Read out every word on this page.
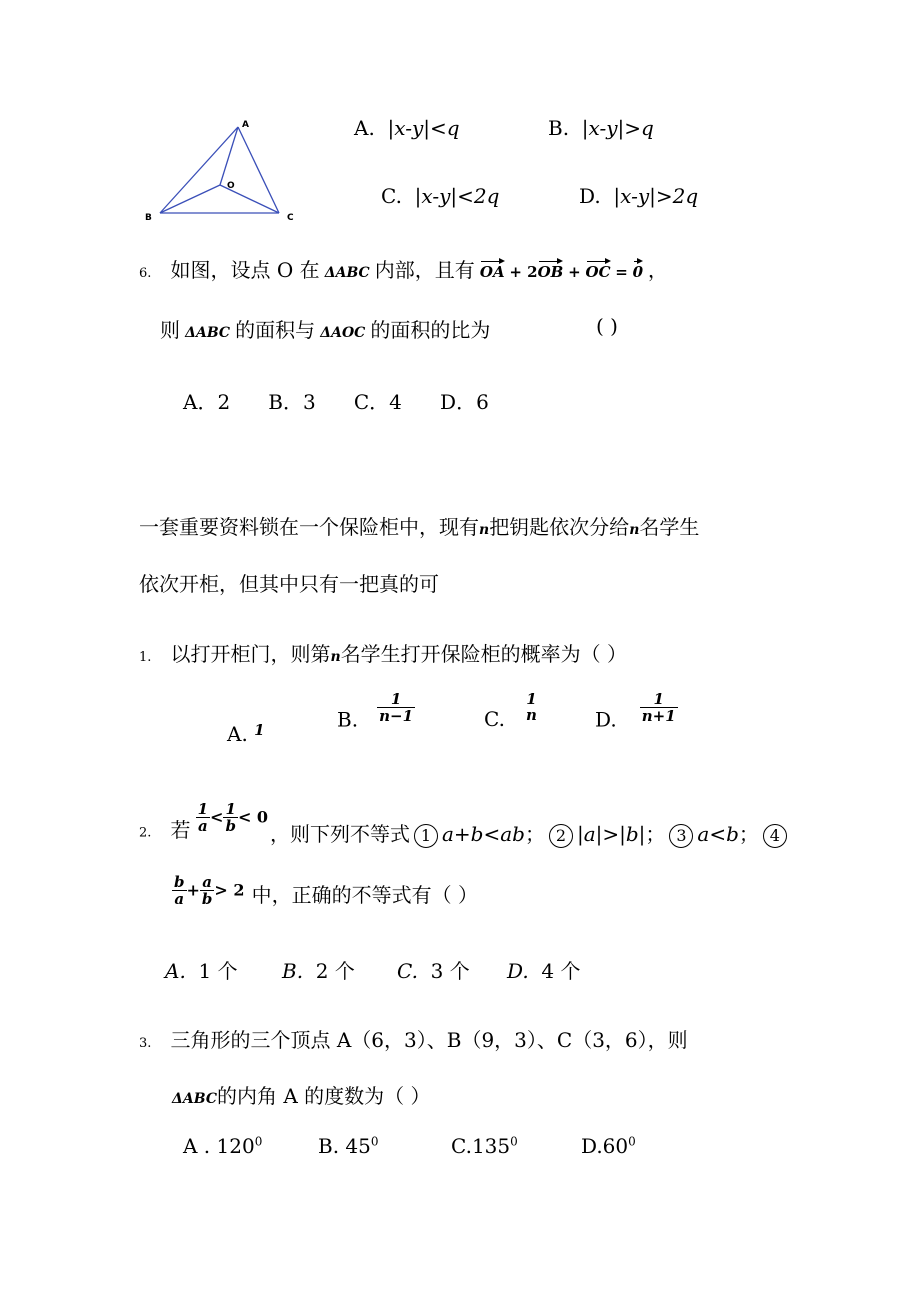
A
B	C
O
A. |x-y|<q	B. |x-y|>q
C. |x-y|<2q	D. |x-y|>2q
6. 如图，设点 O 在 ΔABC 内部，且有 OA + 2OB + OC = 0 ，
则 ΔABC 的面积与 ΔAOC 的面积的比为	( )
A．2      B．3      C．4      D．6
一套重要资料锁在一个保险柜中，现有n把钥匙依次分给n名学生
依次开柜，但其中只有一把真的可
1. 以打开柜门，则第n名学生打开保险柜的概率为（ ）
A. $^1$	B. $\frac{1}{n-1}$	C.
1
n	D. $\frac{1}{n+1}$
$_{2.}$ 若 $\frac{1}{a} < \frac{1}{b} < 0$
，则下列不等式 1 a+b<ab； 2 |a|>|b|； 3 a<b； 4
$\frac{b}{a} + \frac{a}{b} > 2$ 中，正确的不等式有（ ）
A. 1 个 B. 2 个 C. 3 个 D. 4 个
3. 三角形的三个顶点 A（6，3）、B（9，3）、C（3，6），则
ΔABC的内角 A 的度数为（ ）
A . $120^0$	B. $45^0$	C.135$^0$	$D.60^0$
